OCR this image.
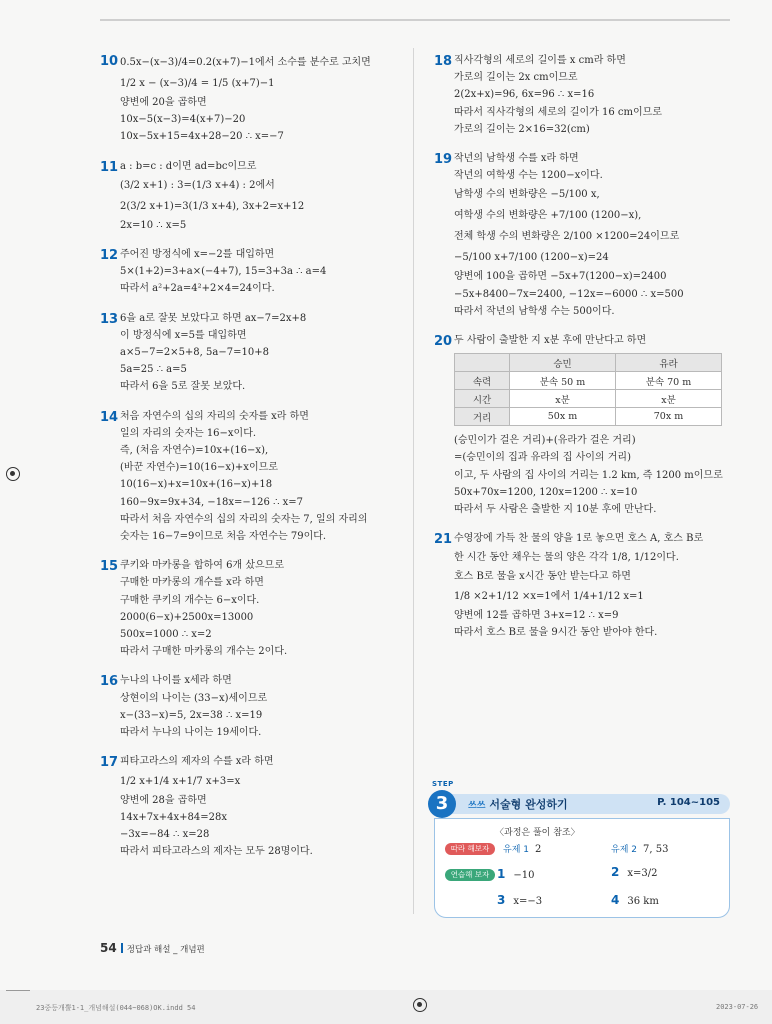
10 0.5x−(x−3)/4=0.2(x+7)−1에서 소수를 분수로 고치면
1/2 x − (x−3)/4 = 1/5 (x+7)−1
양변에 20을 곱하면
10x−5(x−3)=4(x+7)−20
10x−5x+15=4x+28−20 ∴ x=−7
11 a : b=c : d이면 ad=bc이므로
(3/2 x+1) : 3=(1/3 x+4) : 2에서
2(3/2 x+1)=3(1/3 x+4), 3x+2=x+12
2x=10 ∴ x=5
12 주어진 방정식에 x=−2를 대입하면
5×(1+2)=3+a×(−4+7), 15=3+3a ∴ a=4
따라서 a²+2a=4²+2×4=24이다.
13 6을 a로 잘못 보았다고 하면 ax−7=2x+8
이 방정식에 x=5를 대입하면
a×5−7=2×5+8, 5a−7=10+8
5a=25 ∴ a=5
따라서 6을 5로 잘못 보았다.
14 처음 자연수의 십의 자리의 숫자를 x라 하면
일의 자리의 숫자는 16−x이다.
즉, (처음 자연수)=10x+(16−x),
(바꾼 자연수)=10(16−x)+x이므로
10(16−x)+x=10x+(16−x)+18
160−9x=9x+34, −18x=−126 ∴ x=7
따라서 처음 자연수의 십의 자리의 숫자는 7, 일의 자리의
숫자는 16−7=9이므로 처음 자연수는 79이다.
15 쿠키와 마카롱을 합하여 6개 샀으므로
구매한 마카롱의 개수를 x라 하면
구매한 쿠키의 개수는 6−x이다.
2000(6−x)+2500x=13000
500x=1000 ∴ x=2
따라서 구매한 마카롱의 개수는 2이다.
16 누나의 나이를 x세라 하면
상현이의 나이는 (33−x)세이므로
x−(33−x)=5, 2x=38 ∴ x=19
따라서 누나의 나이는 19세이다.
17 피타고라스의 제자의 수를 x라 하면
1/2 x+1/4 x+1/7 x+3=x
양변에 28을 곱하면
14x+7x+4x+84=28x
−3x=−84 ∴ x=28
따라서 피타고라스의 제자는 모두 28명이다.
18 직사각형의 세로의 길이를 x cm라 하면
가로의 길이는 2x cm이므로
2(2x+x)=96, 6x=96 ∴ x=16
따라서 직사각형의 세로의 길이가 16 cm이므로
가로의 길이는 2×16=32(cm)
19 작년의 남학생 수를 x라 하면
작년의 여학생 수는 1200−x이다.
남학생 수의 변화량은 −5/100 x,
여학생 수의 변화량은 +7/100 (1200−x),
전체 학생 수의 변화량은 2/100 ×1200=24이므로
−5/100 x+7/100 (1200−x)=24
양변에 100을 곱하면 −5x+7(1200−x)=2400
−5x+8400−7x=2400, −12x=−6000 ∴ x=500
따라서 작년의 남학생 수는 500이다.
20 두 사람이 출발한 지 x분 후에 만난다고 하면
	승민	유라
속력	분속 50 m	분속 70 m
시간	x분	x분
거리	50x m	70x m
(승민이가 걸은 거리)+(유라가 걸은 거리)
=(승민이의 집과 유라의 집 사이의 거리)
이고, 두 사람의 집 사이의 거리는 1.2 km, 즉 1200 m이므로
50x+70x=1200, 120x=1200 ∴ x=10
따라서 두 사람은 출발한 지 10분 후에 만난다.
21 수영장에 가득 찬 물의 양을 1로 놓으면 호스 A, 호스 B로
한 시간 동안 채우는 물의 양은 각각 1/8, 1/12이다.
호스 B로 물을 x시간 동안 받는다고 하면
1/8 ×2+1/12 ×x=1에서 1/4+1/12 x=1
양변에 12를 곱하면 3+x=12 ∴ x=9
따라서 호스 B로 물을 9시간 동안 받아야 한다.
STEP
3	쓰쓰 서술형 완성하기	P. 104~105
〈과정은 풀이 참조〉
따라 해보자	유제 1 2	유제 2 7, 53
연습해 보자 1 −10	2 x=3/2
3 x=−3	4 36 km
54 정답과 해설 _ 개념편
23중등개뿔1-1_개념해설(044~068)OK.indd 54	2023-07-26
